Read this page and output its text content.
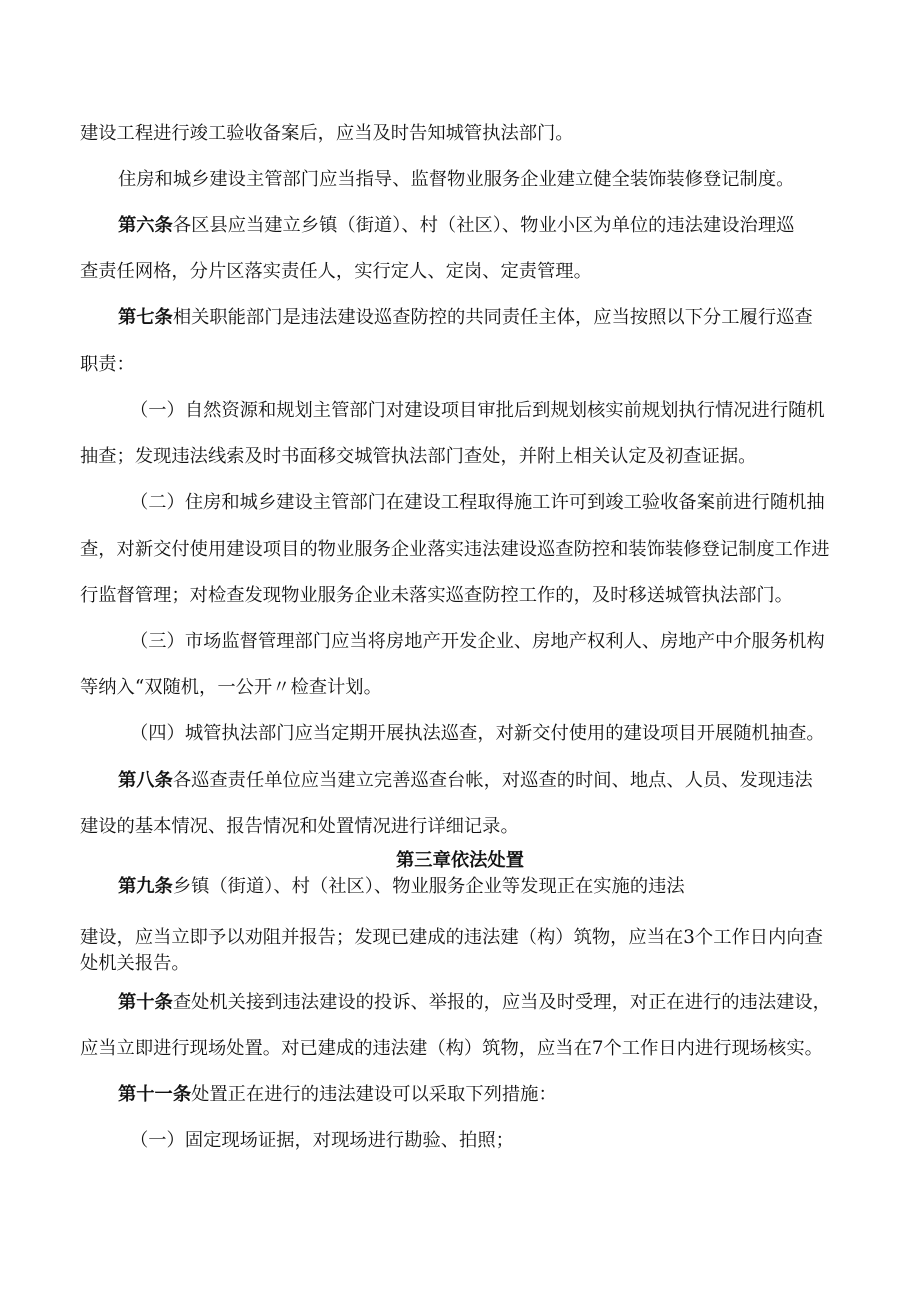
建设工程进行竣工验收备案后，应当及时告知城管执法部门。
住房和城乡建设主管部门应当指导、监督物业服务企业建立健全装饰装修登记制度。
第六条各区县应当建立乡镇（街道）、村（社区）、物业小区为单位的违法建设治理巡
查责任网格，分片区落实责任人，实行定人、定岗、定责管理。
第七条相关职能部门是违法建设巡查防控的共同责任主体，应当按照以下分工履行巡查
职责：
（一）自然资源和规划主管部门对建设项目审批后到规划核实前规划执行情况进行随机
抽查；发现违法线索及时书面移交城管执法部门查处，并附上相关认定及初查证据。
（二）住房和城乡建设主管部门在建设工程取得施工许可到竣工验收备案前进行随机抽
查，对新交付使用建设项目的物业服务企业落实违法建设巡查防控和装饰装修登记制度工作进
行监督管理；对检查发现物业服务企业未落实巡查防控工作的，及时移送城管执法部门。
（三）市场监督管理部门应当将房地产开发企业、房地产权利人、房地产中介服务机构
等纳入“双随机，一公开〃检查计划。
（四）城管执法部门应当定期开展执法巡查，对新交付使用的建设项目开展随机抽查。
第八条各巡查责任单位应当建立完善巡查台帐，对巡查的时间、地点、人员、发现违法
建设的基本情况、报告情况和处置情况进行详细记录。
第三章依法处置
第九条乡镇（街道）、村（社区）、物业服务企业等发现正在实施的违法
建设，应当立即予以劝阻并报告；发现已建成的违法建（构）筑物，应当在3个工作日内向查
处机关报告。
第十条查处机关接到违法建设的投诉、举报的，应当及时受理，对正在进行的违法建设，
应当立即进行现场处置。对已建成的违法建（构）筑物，应当在7个工作日内进行现场核实。
第十一条处置正在进行的违法建设可以采取下列措施：
（一）固定现场证据，对现场进行勘验、拍照；
